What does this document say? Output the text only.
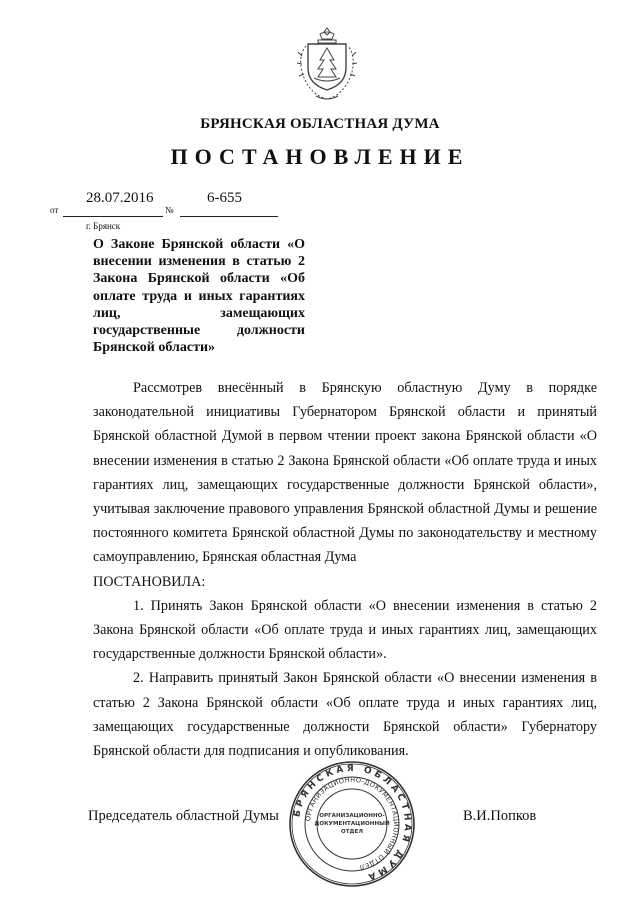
БРЯНСКАЯ ОБЛАСТНАЯ ДУМА
ПОСТАНОВЛЕНИЕ
28.07.2016	6-655
от	№
г. Брянск
О Законе Брянской области «О внесении изменения в статью 2 Закона Брянской области «Об оплате труда и иных гарантиях лиц, замещающих государственные должности Брянской области»

Рассмотрев внесённый в Брянскую областную Думу в порядке законодательной инициативы Губернатором Брянской области и принятый Брянской областной Думой в первом чтении проект закона Брянской области «О внесении изменения в статью 2 Закона Брянской области «Об оплате труда и иных гарантиях лиц, замещающих государственные должности Брянской области», учитывая заключение правового управления Брянской областной Думы и решение постоянного комитета Брянской областной Думы по законодательству и местному самоуправлению, Брянская областная Дума

ПОСТАНОВИЛА:

1. Принять Закон Брянской области «О внесении изменения в статью 2 Закона Брянской области «Об оплате труда и иных гарантиях лиц, замещающих государственные должности Брянской области».

2. Направить принятый Закон Брянской области «О внесении изменения в статью 2 Закона Брянской области «Об оплате труда и иных гарантиях лиц, замещающих государственные должности Брянской области» Губернатору Брянской области для подписания и опубликования.

Председатель областной Думы	В.И.Попков
БРЯНСКАЯ ОБЛАСТНАЯ ДУМА
ОРГАНИЗАЦИОННО-ДОКУМЕНТАЦИОННЫЙ ОТДЕЛ
ОРГАНИЗАЦИОННО-
ДОКУМЕНТАЦИОННЫЙ
ОТДЕЛ
